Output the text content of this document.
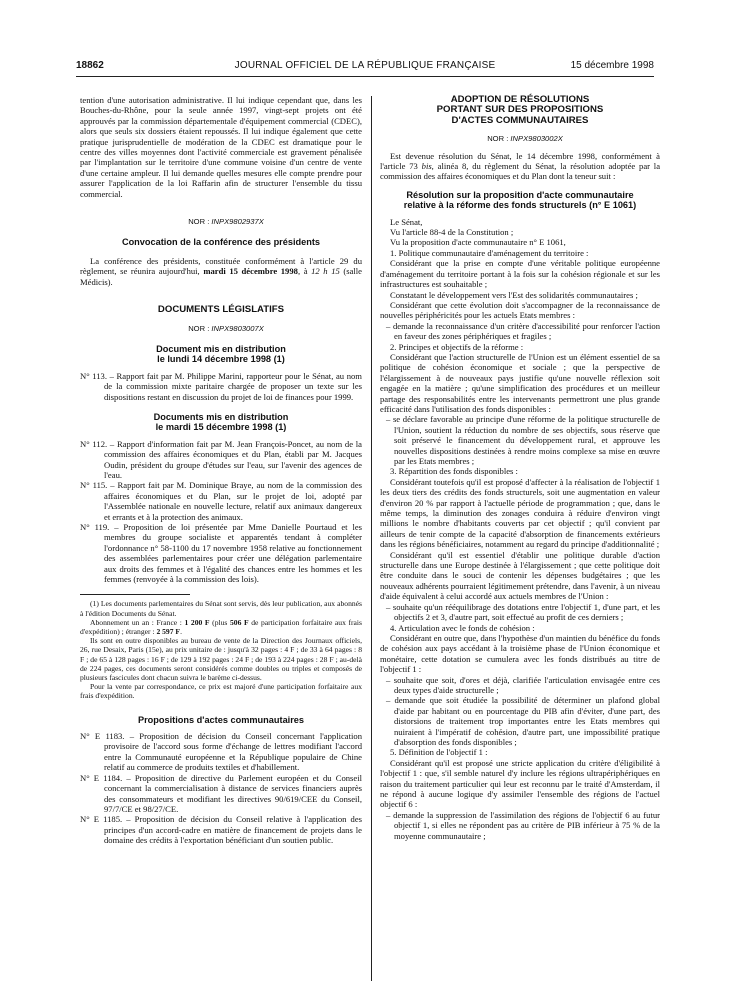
18862	JOURNAL OFFICIEL DE LA RÉPUBLIQUE FRANÇAISE	15 décembre 1998

tention d'une autorisation administrative. Il lui indique cependant que, dans les Bouches-du-Rhône, pour la seule année 1997, vingt-sept projets ont été approuvés par la commission départementale d'équipement commercial (CDEC), alors que seuls six dossiers étaient repoussés. Il lui indique également que cette pratique jurisprudentielle de modération de la CDEC est dramatique pour le centre des villes moyennes dont l'activité commerciale est gravement pénalisée par l'implantation sur le territoire d'une commune voisine d'un centre de vente d'une certaine ampleur. Il lui demande quelles mesures elle compte prendre pour assurer l'application de la loi Raffarin afin de structurer l'ensemble du tissu commercial.

NOR : INPX9802937X

Convocation de la conférence des présidents

La conférence des présidents, constituée conformément à l'article 29 du règlement, se réunira aujourd'hui, mardi 15 décembre 1998, à 12 h 15 (salle Médicis).

DOCUMENTS LÉGISLATIFS

NOR : INPX9803007X

Document mis en distribution
le lundi 14 décembre 1998 (1)

N° 113. – Rapport fait par M. Philippe Marini, rapporteur pour le Sénat, au nom de la commission mixte paritaire chargée de proposer un texte sur les dispositions restant en discussion du projet de loi de finances pour 1999.

Documents mis en distribution
le mardi 15 décembre 1998 (1)

N° 112. – Rapport d'information fait par M. Jean François-Poncet, au nom de la commission des affaires économiques et du Plan, établi par M. Jacques Oudin, président du groupe d'études sur l'eau, sur l'avenir des agences de l'eau.

N° 115. – Rapport fait par M. Dominique Braye, au nom de la commission des affaires économiques et du Plan, sur le projet de loi, adopté par l'Assemblée nationale en nouvelle lecture, relatif aux animaux dangereux et errants et à la protection des animaux.

N° 119. – Proposition de loi présentée par Mme Danielle Pourtaud et les membres du groupe socialiste et apparentés tendant à compléter l'ordonnance n° 58-1100 du 17 novembre 1958 relative au fonctionnement des assemblées parlementaires pour créer une délégation parlementaire aux droits des femmes et à l'égalité des chances entre les hommes et les femmes (renvoyée à la commission des lois).

(1) Les documents parlementaires du Sénat sont servis, dès leur publication, aux abonnés à l'édition Documents du Sénat.

Abonnement un an : France : 1 200 F (plus 506 F de participation forfaitaire aux frais d'expédition) ; étranger : 2 597 F.

Ils sont en outre disponibles au bureau de vente de la Direction des Journaux officiels, 26, rue Desaix, Paris (15e), au prix unitaire de : jusqu'à 32 pages : 4 F ; de 33 à 64 pages : 8 F ; de 65 à 128 pages : 16 F ; de 129 à 192 pages : 24 F ; de 193 à 224 pages : 28 F ; au-delà de 224 pages, ces documents seront considérés comme doubles ou triples et composés de plusieurs fascicules dont chacun suivra le barème ci-dessus.

Pour la vente par correspondance, ce prix est majoré d'une participation forfaitaire aux frais d'expédition.

Propositions d'actes communautaires

N° E 1183. – Proposition de décision du Conseil concernant l'application provisoire de l'accord sous forme d'échange de lettres modifiant l'accord entre la Communauté européenne et la République populaire de Chine relatif au commerce de produits textiles et d'habillement.

N° E 1184. – Proposition de directive du Parlement européen et du Conseil concernant la commercialisation à distance de services financiers auprès des consommateurs et modifiant les directives 90/619/CEE du Conseil, 97/7/CE et 98/27/CE.

N° E 1185. – Proposition de décision du Conseil relative à l'application des principes d'un accord-cadre en matière de financement de projets dans le domaine des crédits à l'exportation bénéficiant d'un soutien public.

ADOPTION DE RÉSOLUTIONS
PORTANT SUR DES PROPOSITIONS
D'ACTES COMMUNAUTAIRES

NOR : INPX9803002X

Est devenue résolution du Sénat, le 14 décembre 1998, conformément à l'article 73 bis, alinéa 8, du règlement du Sénat, la résolution adoptée par la commission des affaires économiques et du Plan dont la teneur suit :

Résolution sur la proposition d'acte communautaire
relative à la réforme des fonds structurels (n° E 1061)

Le Sénat,

Vu l'article 88-4 de la Constitution ;

Vu la proposition d'acte communautaire n° E 1061,

1. Politique communautaire d'aménagement du territoire :

Considérant que la prise en compte d'une véritable politique européenne d'aménagement du territoire portant à la fois sur la cohésion régionale et sur les infrastructures est souhaitable ;

Constatant le développement vers l'Est des solidarités communautaires ;

Considérant que cette évolution doit s'accompagner de la reconnaissance de nouvelles périphéricités pour les actuels Etats membres :

– demande la reconnaissance d'un critère d'accessibilité pour renforcer l'action en faveur des zones périphériques et fragiles ;

2. Principes et objectifs de la réforme :

Considérant que l'action structurelle de l'Union est un élément essentiel de sa politique de cohésion économique et sociale ; que la perspective de l'élargissement à de nouveaux pays justifie qu'une nouvelle réflexion soit engagée en la matière ; qu'une simplification des procédures et un meilleur partage des responsabilités entre les intervenants permettront une plus grande efficacité dans l'utilisation des fonds disponibles :

– se déclare favorable au principe d'une réforme de la politique structurelle de l'Union, soutient la réduction du nombre de ses objectifs, sous réserve que soit préservé le financement du développement rural, et approuve les nouvelles dispositions destinées à rendre moins complexe sa mise en œuvre par les Etats membres ;

3. Répartition des fonds disponibles :

Considérant toutefois qu'il est proposé d'affecter à la réalisation de l'objectif 1 les deux tiers des crédits des fonds structurels, soit une augmentation en valeur d'environ 20 % par rapport à l'actuelle période de programmation ; que, dans le même temps, la diminution des zonages conduira à réduire d'environ vingt millions le nombre d'habitants couverts par cet objectif ; qu'il convient par ailleurs de tenir compte de la capacité d'absorption de financements extérieurs dans les régions bénéficiaires, notamment au regard du principe d'additionnalité ;

Considérant qu'il est essentiel d'établir une politique durable d'action structurelle dans une Europe destinée à l'élargissement ; que cette politique doit être conduite dans le souci de contenir les dépenses budgétaires ; que les nouveaux adhérents pourraient légitimement prétendre, dans l'avenir, à un niveau d'aide équivalent à celui accordé aux actuels membres de l'Union :

– souhaite qu'un rééquilibrage des dotations entre l'objectif 1, d'une part, et les objectifs 2 et 3, d'autre part, soit effectué au profit de ces derniers ;

4. Articulation avec le fonds de cohésion :

Considérant en outre que, dans l'hypothèse d'un maintien du bénéfice du fonds de cohésion aux pays accédant à la troisième phase de l'Union économique et monétaire, cette dotation se cumulera avec les fonds distribués au titre de l'objectif 1 :

– souhaite que soit, d'ores et déjà, clarifiée l'articulation envisagée entre ces deux types d'aide structurelle ;

– demande que soit étudiée la possibilité de déterminer un plafond global d'aide par habitant ou en pourcentage du PIB afin d'éviter, d'une part, des distorsions de traitement trop importantes entre les Etats membres qui nuiraient à l'impératif de cohésion, d'autre part, une impossibilité pratique d'absorption des fonds disponibles ;

5. Définition de l'objectif 1 :

Considérant qu'il est proposé une stricte application du critère d'éligibilité à l'objectif 1 : que, s'il semble naturel d'y inclure les régions ultrapériphériques en raison du traitement particulier qui leur est reconnu par le traité d'Amsterdam, il ne répond à aucune logique d'y assimiler l'ensemble des régions de l'actuel objectif 6 :

– demande la suppression de l'assimilation des régions de l'objectif 6 au futur objectif 1, si elles ne répondent pas au critère de PIB inférieur à 75 % de la moyenne communautaire ;
